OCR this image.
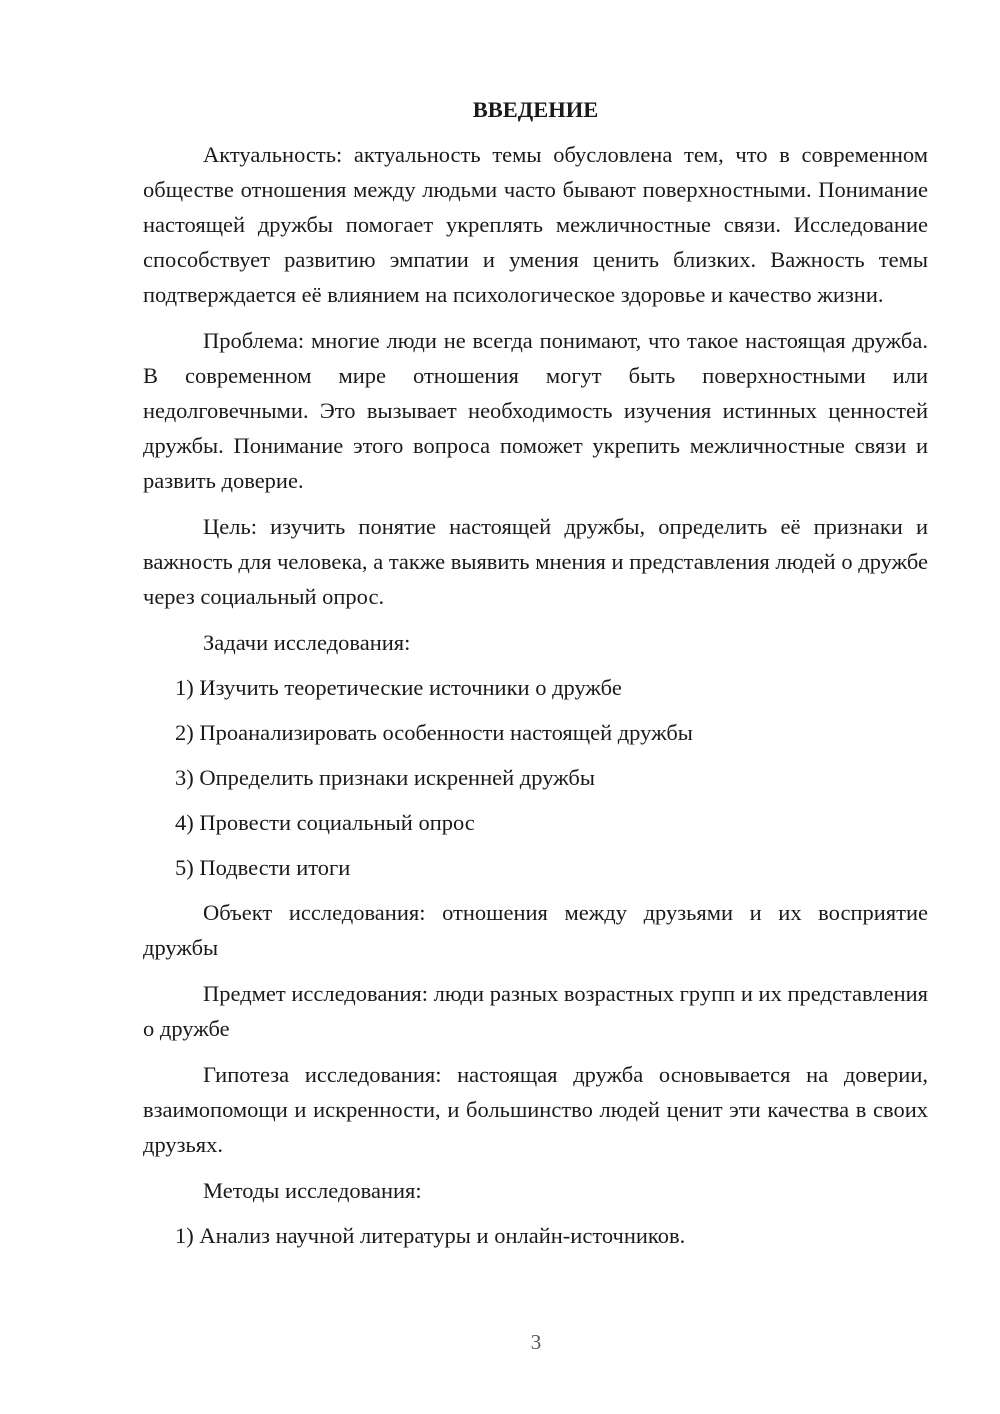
ВВЕДЕНИЕ

Актуальность: актуальность темы обусловлена тем, что в современном обществе отношения между людьми часто бывают поверхностными. Понимание настоящей дружбы помогает укреплять межличностные связи. Исследование способствует развитию эмпатии и умения ценить близких. Важность темы подтверждается её влиянием на психологическое здоровье и качество жизни.

Проблема: многие люди не всегда понимают, что такое настоящая дружба. В современном мире отношения могут быть поверхностными или недолговечными. Это вызывает необходимость изучения истинных ценностей дружбы. Понимание этого вопроса поможет укрепить межличностные связи и развить доверие.

Цель: изучить понятие настоящей дружбы, определить её признаки и важность для человека, а также выявить мнения и представления людей о дружбе через социальный опрос.

Задачи исследования:

1) Изучить теоретические источники о дружбе
2) Проанализировать особенности настоящей дружбы
3) Определить признаки искренней дружбы
4) Провести социальный опрос
5) Подвести итоги

Объект исследования: отношения между друзьями и их восприятие дружбы

Предмет исследования: люди разных возрастных групп и их представления о дружбе

Гипотеза исследования: настоящая дружба основывается на доверии, взаимопомощи и искренности, и большинство людей ценит эти качества в своих друзьях.

Методы исследования:

1) Анализ научной литературы и онлайн-источников.
3
